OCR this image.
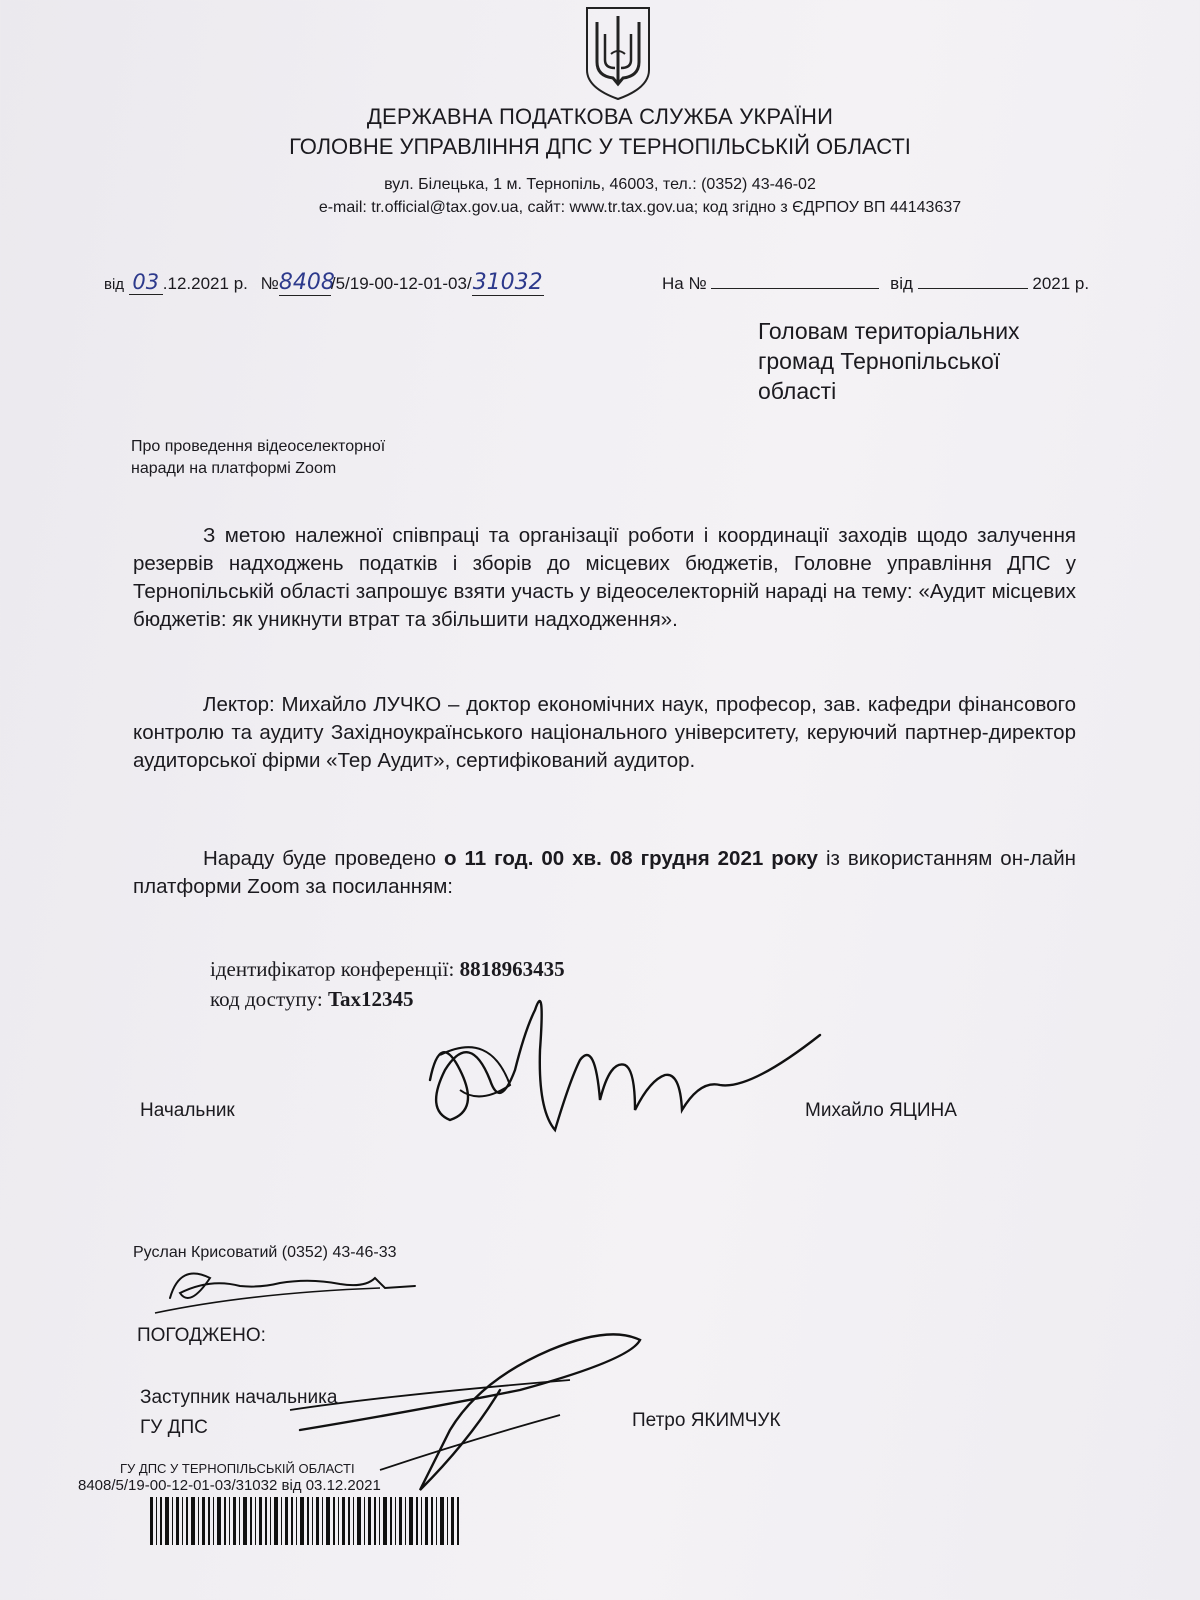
ДЕРЖАВНА ПОДАТКОВА СЛУЖБА УКРАЇНИ
ГОЛОВНЕ УПРАВЛІННЯ ДПС У ТЕРНОПІЛЬСЬКІЙ ОБЛАСТІ
вул. Білецька, 1 м. Тернопіль, 46003, тел.: (0352) 43-46-02
e-mail: tr.official@tax.gov.ua, сайт: www.tr.tax.gov.ua; код згідно з ЄДРПОУ ВП 44143637
від 03 .12.2021 р. №8408/5/19-00-12-01-03/31032	На №	від	2021 р.
Головам територіальних
громад Тернопільської
області
Про проведення відеоселекторної
наради на платформі Zoom
З метою належної співпраці та організації роботи і координації заходів щодо залучення резервів надходжень податків і зборів до місцевих бюджетів, Головне управління ДПС у Тернопільській області запрошує взяти участь у відеоселекторній нараді на тему: «Аудит місцевих бюджетів: як уникнути втрат та збільшити надходження».
Лектор: Михайло ЛУЧКО – доктор економічних наук, професор, зав. кафедри фінансового контролю та аудиту Західноукраїнського національного університету, керуючий партнер-директор аудиторської фірми «Тер Аудит», сертифікований аудитор.
Нараду буде проведено о 11 год. 00 хв. 08 грудня 2021 року із використанням он-лайн платформи Zoom за посиланням:
ідентифікатор конференції: 8818963435
код доступу: Tax12345
Начальник	Михайло ЯЦИНА
Руслан Крисоватий (0352) 43-46-33
ПОГОДЖЕНО:
Заступник начальника
ГУ ДПС	Петро ЯКИМЧУК
ГУ ДПС У ТЕРНОПІЛЬСЬКІЙ ОБЛАСТІ
8408/5/19-00-12-01-03/31032 від 03.12.2021
